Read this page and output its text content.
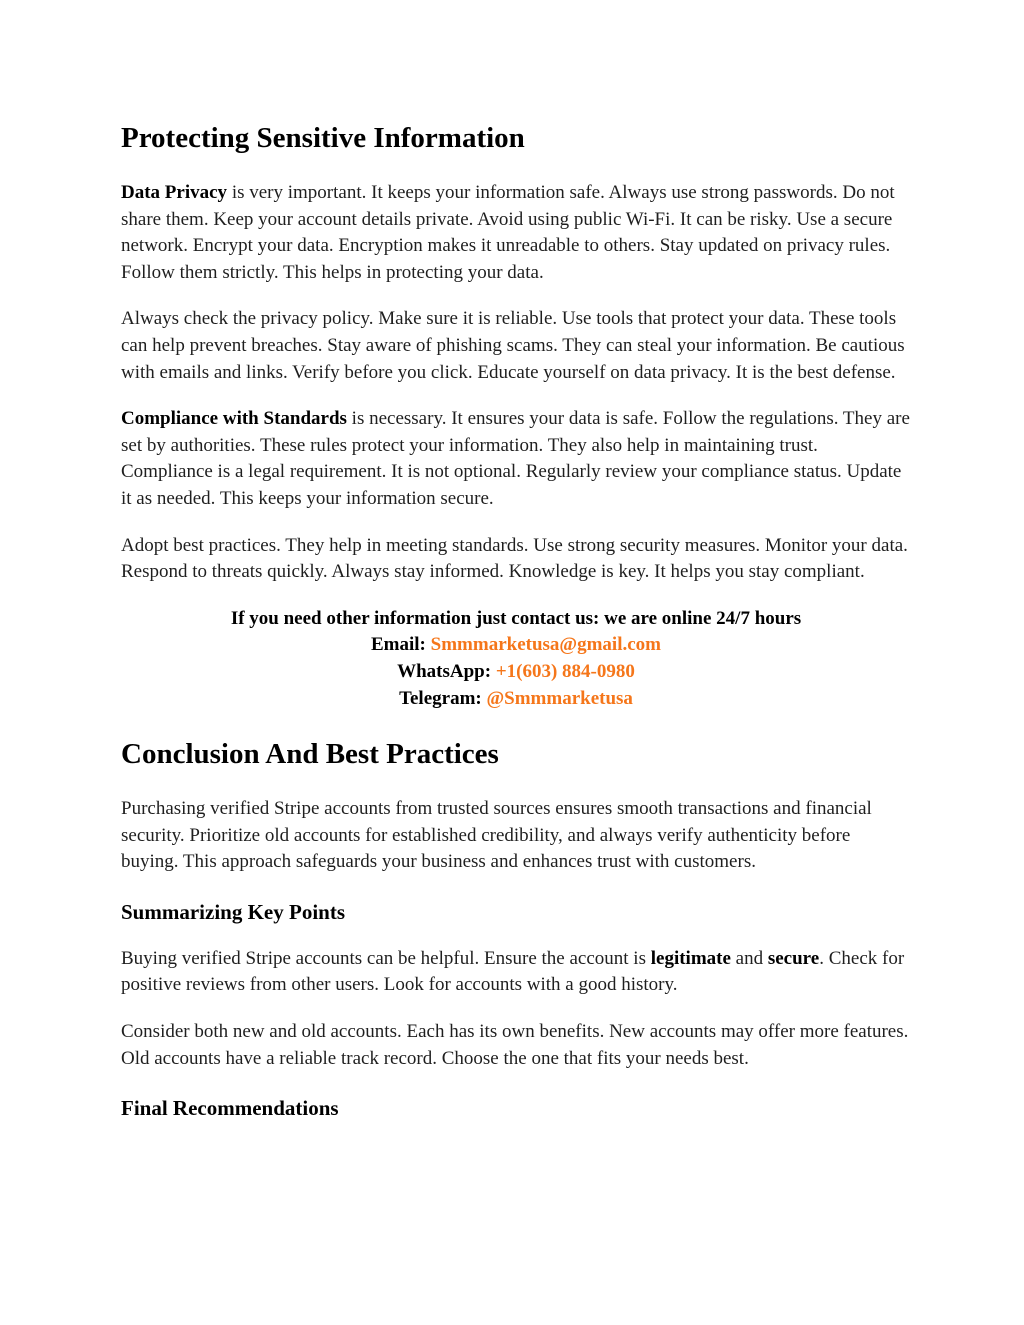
Protecting Sensitive Information

Data Privacy is very important. It keeps your information safe. Always use strong passwords. Do not share them. Keep your account details private. Avoid using public Wi-Fi. It can be risky. Use a secure network. Encrypt your data. Encryption makes it unreadable to others. Stay updated on privacy rules. Follow them strictly. This helps in protecting your data.

Always check the privacy policy. Make sure it is reliable. Use tools that protect your data. These tools can help prevent breaches. Stay aware of phishing scams. They can steal your information. Be cautious with emails and links. Verify before you click. Educate yourself on data privacy. It is the best defense.

Compliance with Standards is necessary. It ensures your data is safe. Follow the regulations. They are set by authorities. These rules protect your information. They also help in maintaining trust. Compliance is a legal requirement. It is not optional. Regularly review your compliance status. Update it as needed. This keeps your information secure.

Adopt best practices. They help in meeting standards. Use strong security measures. Monitor your data. Respond to threats quickly. Always stay informed. Knowledge is key. It helps you stay compliant.

If you need other information just contact us: we are online 24/7 hours
Email: Smmmarketusa@gmail.com
WhatsApp: +1(603) 884-0980
Telegram: @Smmmarketusa
Conclusion And Best Practices

Purchasing verified Stripe accounts from trusted sources ensures smooth transactions and financial security. Prioritize old accounts for established credibility, and always verify authenticity before buying. This approach safeguards your business and enhances trust with customers.

Summarizing Key Points

Buying verified Stripe accounts can be helpful. Ensure the account is legitimate and secure. Check for positive reviews from other users. Look for accounts with a good history.

Consider both new and old accounts. Each has its own benefits. New accounts may offer more features. Old accounts have a reliable track record. Choose the one that fits your needs best.

Final Recommendations
